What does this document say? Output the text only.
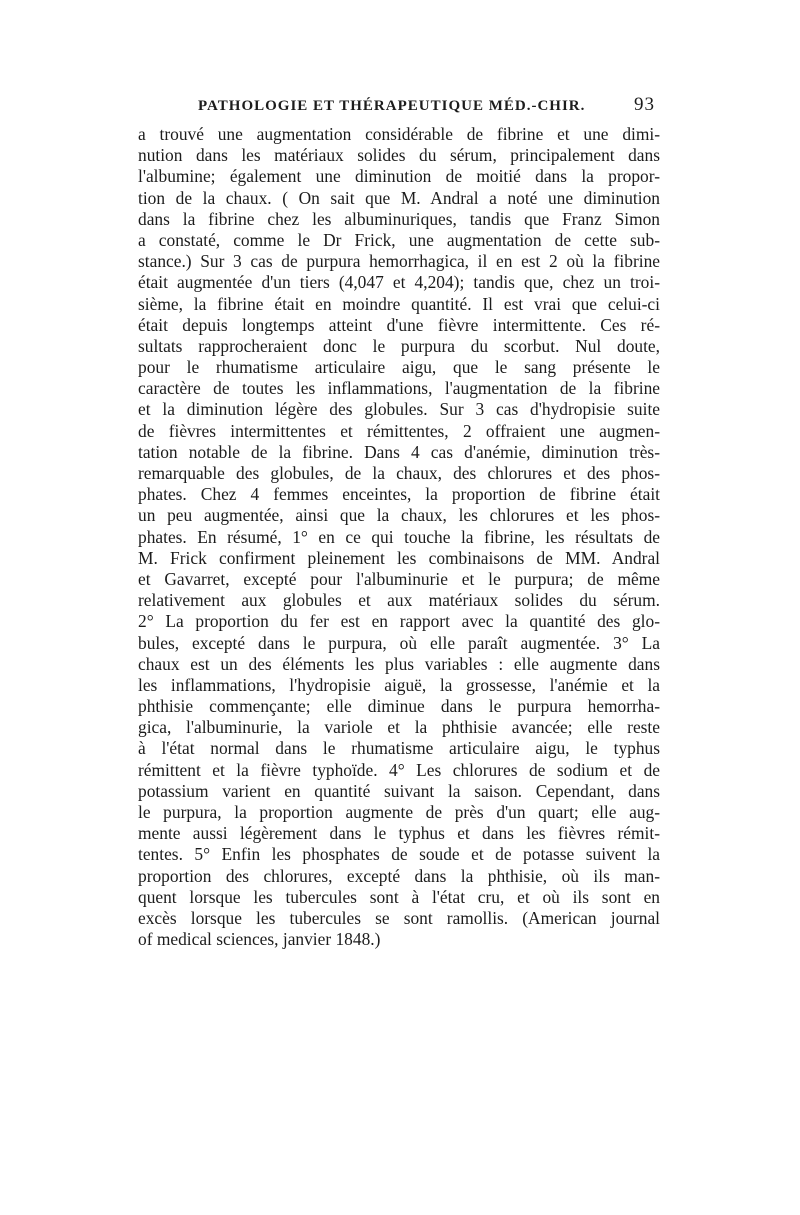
PATHOLOGIE ET THÉRAPEUTIQUE MÉD.-CHIR.	93
a trouvé une augmentation considérable de fibrine et une dimi-
nution dans les matériaux solides du sérum, principalement dans
l'albumine; également une diminution de moitié dans la propor-
tion de la chaux. ( On sait que M. Andral a noté une diminution
dans la fibrine chez les albuminuriques, tandis que Franz Simon
a constaté, comme le Dr Frick, une augmentation de cette sub-
stance.) Sur 3 cas de purpura hemorrhagica, il en est 2 où la fibrine
était augmentée d'un tiers (4,047 et 4,204); tandis que, chez un troi-
sième, la fibrine était en moindre quantité. Il est vrai que celui-ci
était depuis longtemps atteint d'une fièvre intermittente. Ces ré-
sultats rapprocheraient donc le purpura du scorbut. Nul doute,
pour le rhumatisme articulaire aigu, que le sang présente le
caractère de toutes les inflammations, l'augmentation de la fibrine
et la diminution légère des globules. Sur 3 cas d'hydropisie suite
de fièvres intermittentes et rémittentes, 2 offraient une augmen-
tation notable de la fibrine. Dans 4 cas d'anémie, diminution très-
remarquable des globules, de la chaux, des chlorures et des phos-
phates. Chez 4 femmes enceintes, la proportion de fibrine était
un peu augmentée, ainsi que la chaux, les chlorures et les phos-
phates. En résumé, 1° en ce qui touche la fibrine, les résultats de
M. Frick confirment pleinement les combinaisons de MM. Andral
et Gavarret, excepté pour l'albuminurie et le purpura; de même
relativement aux globules et aux matériaux solides du sérum.
2° La proportion du fer est en rapport avec la quantité des glo-
bules, excepté dans le purpura, où elle paraît augmentée. 3° La
chaux est un des éléments les plus variables : elle augmente dans
les inflammations, l'hydropisie aiguë, la grossesse, l'anémie et la
phthisie commençante; elle diminue dans le purpura hemorrha-
gica, l'albuminurie, la variole et la phthisie avancée; elle reste
à l'état normal dans le rhumatisme articulaire aigu, le typhus
rémittent et la fièvre typhoïde. 4° Les chlorures de sodium et de
potassium varient en quantité suivant la saison. Cependant, dans
le purpura, la proportion augmente de près d'un quart; elle aug-
mente aussi légèrement dans le typhus et dans les fièvres rémit-
tentes. 5° Enfin les phosphates de soude et de potasse suivent la
proportion des chlorures, excepté dans la phthisie, où ils man-
quent lorsque les tubercules sont à l'état cru, et où ils sont en
excès lorsque les tubercules se sont ramollis. (American journal
of medical sciences, janvier 1848.)
